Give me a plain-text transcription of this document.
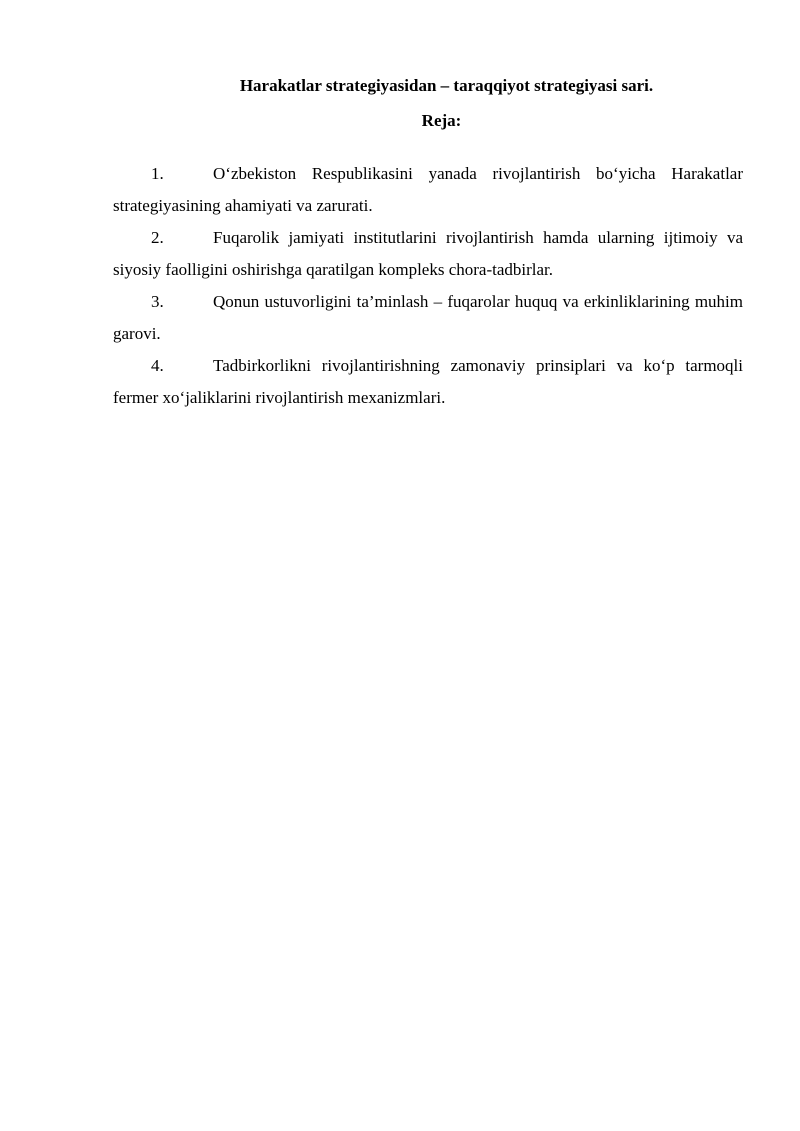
Harakatlar strategiyasidan – taraqqiyot strategiyasi sari.
Reja:
1.	O‘zbekiston Respublikasini yanada rivojlantirish bo‘yicha Harakatlar strategiyasining ahamiyati va zarurati.
2.	Fuqarolik jamiyati institutlarini rivojlantirish hamda ularning ijtimoiy va siyosiy faolligini oshirishga qaratilgan kompleks chora-tadbirlar.
3.	Qonun ustuvorligini ta’minlash – fuqarolar huquq va erkinliklarining muhim garovi.
4.	Tadbirkorlikni rivojlantirishning zamonaviy prinsiplari va ko‘p tarmoqli fermer xo‘jaliklarini rivojlantirish mexanizmlari.
